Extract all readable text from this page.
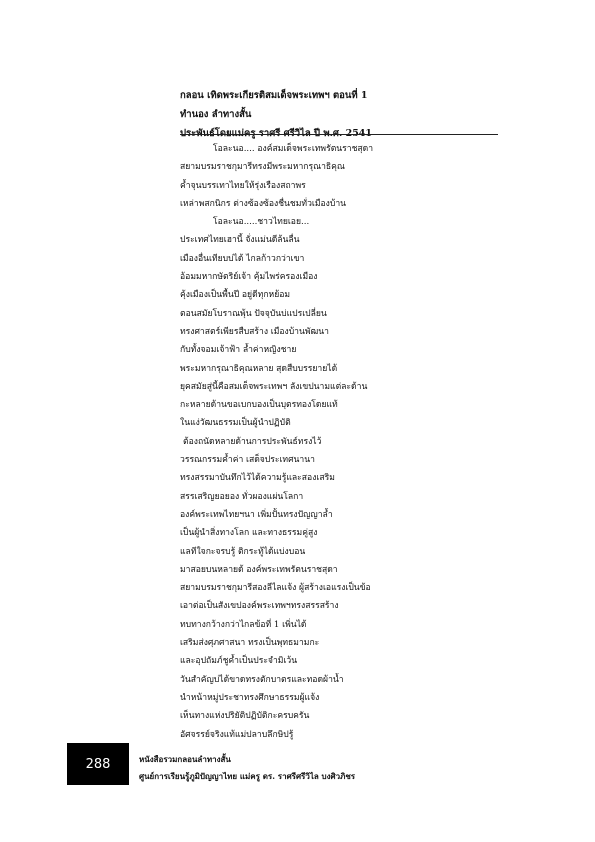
กลอน เทิดพระเกียรติสมเด็จพระเทพฯ ตอนที่ 1
ทำนอง ลำทางสั้น
โอละนอ.... องค์สมเด็จพระเทพรัตนราชสุดา
สยามบรมราชกุมารีทรงมีพระมหากรุณาธิคุณ
ค้ำจุนบรรเทาไทยให้รุ่งเรืองสถาพร
เหล่าพสกนิกร ต่างซ้องซ้องชื่นชมทั่วเมืองบ้าน
โอละนอ.....ชาวไทยเอย...
ประเทศไทยเฮานี้ จั่งแม่นดีล้นลื่น
เมืองอื่นเทียบบ่ได้ ไกลก้าวกว่าเขา
อ้อมมหากษัตริย์เจ้า คุ้มไพร่ครองเมือง
คุ้งเมืองเป็นพื้นปี อยู่ดีทุกหย้อม
ตอนสมัยโบราณพุ้น ปัจจุบันบ่แปรเปลี่ยน
ทรงศาสตร์เพียรสืบสร้าง เมืองบ้านพัฒนา
กับทั้งจอมเจ้าฟ้า ล้ำค่าหญิงชาย
พระมหากรุณาธิคุณหลาย สุดสืบบรรยายได้
ยุคสมัยสู่นี้คือสมเด็จพระเทพฯ ลังเขปนามแต่ละด้าน
กะหลายด้านขอเบกบองเป็นบุตรทองโดยแท้
ในแง่วัฒนธรรมเป็นผู้นำปฏิบัติ
ต้องถนัดหลายด้านการประพันธ์ทรงไว้
วรรณกรรมค้ำค่า เสด็จประเทศนานา
ทรงสรรมาบันทึกไว้ได้ความรู้และสองเสริม
สรรเสริญยอยอง ทั่วผองแผ่นโลกา
องค์พระเทพไทยฯนา เพิ่มปั้นทรงปัญญาล้ำ
เป็นผู้นำสิ่งทางโลก และทางธรรมคู่สูง
แลทีใจกะจรบรู้ ติกระทู้ได้แบ่งบอน
มาสอยบนหลายด้ องค์พระเทพรัตนราชสุดา
สยามบรมราชกุมารีสองลีไลแจ้ง ผู้สร้างเอแรงเป็นข้อ
เอาต่อเป็นสังเขปองค์พระเทพฯทรงสรรสร้าง
ทบทางกว้างกว่าไกลข้อที่ 1 เพิ่นได้
เสริมส่งศุภศาสนา ทรงเป็นพุทธมามกะ
และอุปถัมภ์ชูค้ำเป็นประจำมิเว้น
วันสำคัญบ่ได้ขาดทรงตักบาตรและทอดผ้าน้ำ
นำหน้าหมู่ประชาทรงศึกษาธรรมผู้แจ้ง
เห็นทางแห่งปริยัติปฏิบัติกะครบครัน
อัศจรรย์จริงแท้แม่ปลาบลึกษิปรู้
288	หนังสือรวมกลอนลำทางสั้น
ศูนย์การเรียนรู้ภูมิปัญญาไทย แม่ครู ดร. ราศรีศรีวิไล บงศิวภิชร
